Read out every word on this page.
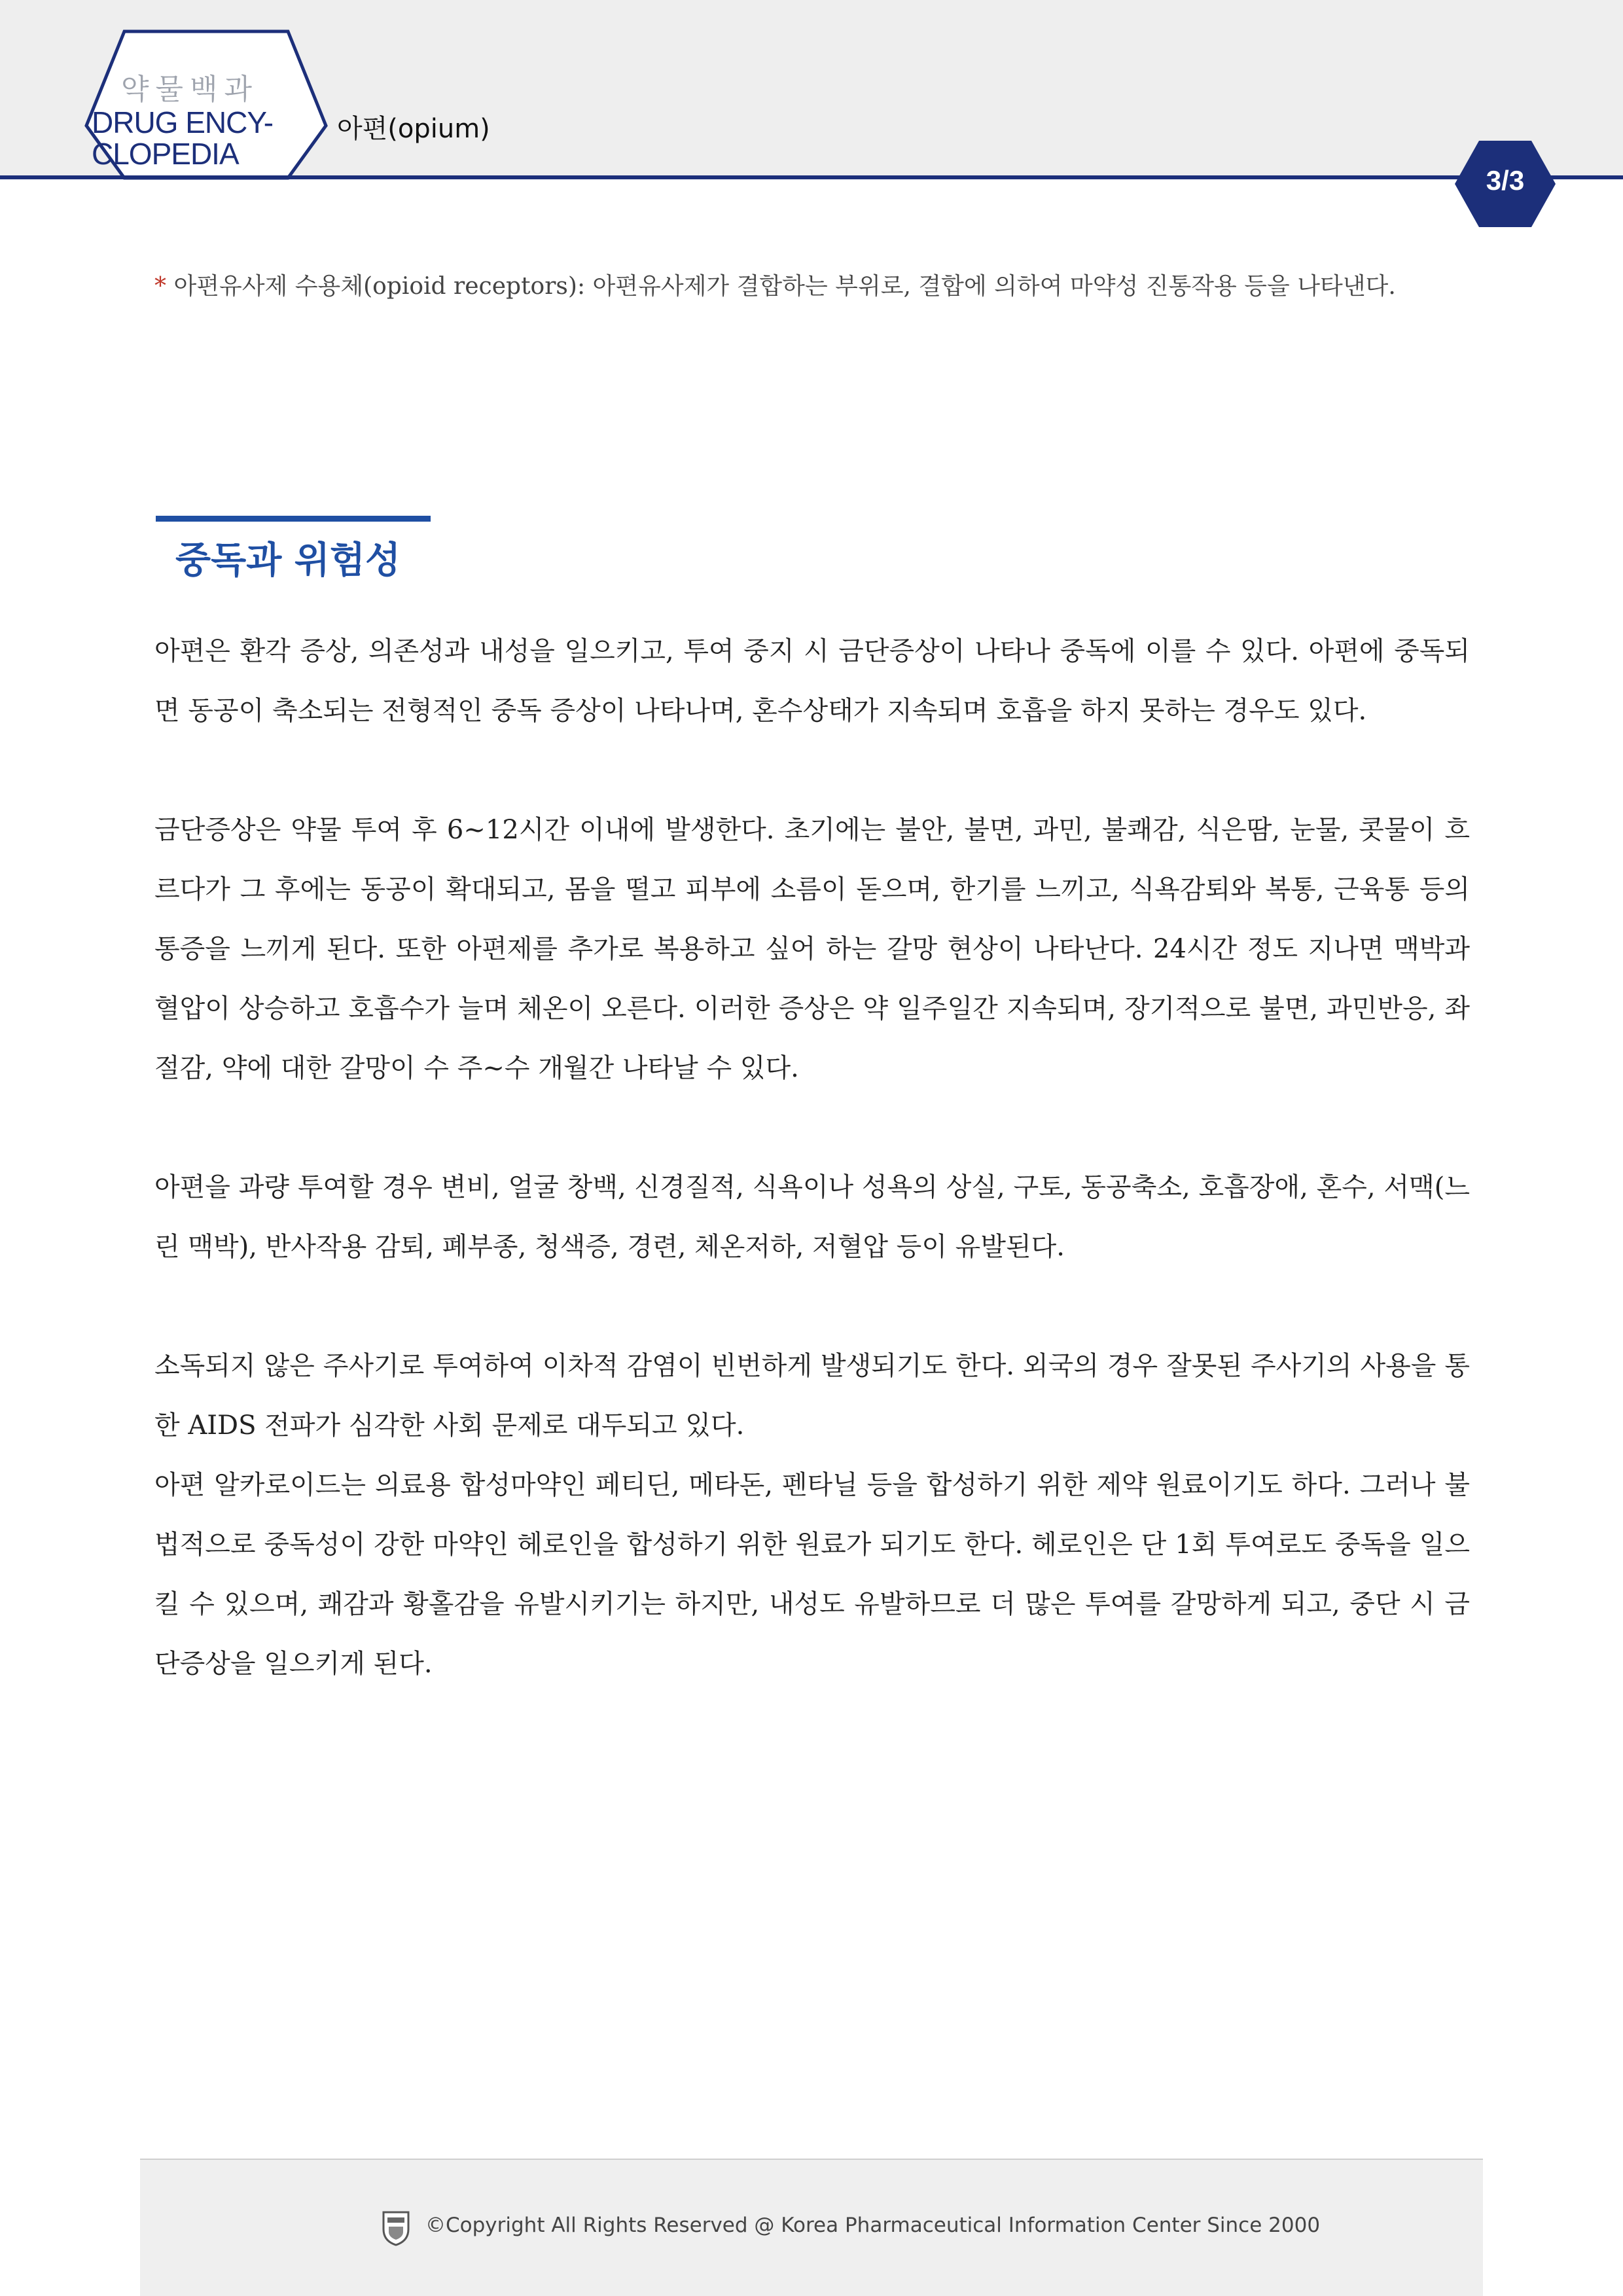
약물백과
DRUG ENCY-
CLOPEDIA
아편(opium)
3/3
* 아편유사제 수용체(opioid receptors): 아편유사제가 결합하는 부위로, 결합에 의하여 마약성 진통작용 등을 나타낸다.
중독과 위험성

아편은 환각 증상, 의존성과 내성을 일으키고, 투여 중지 시 금단증상이 나타나 중독에 이를 수 있다. 아편에 중독되면 동공이 축소되는 전형적인 중독 증상이 나타나며, 혼수상태가 지속되며 호흡을 하지 못하는 경우도 있다.

금단증상은 약물 투여 후 6~12시간 이내에 발생한다. 초기에는 불안, 불면, 과민, 불쾌감, 식은땀, 눈물, 콧물이 흐르다가 그 후에는 동공이 확대되고, 몸을 떨고 피부에 소름이 돋으며, 한기를 느끼고, 식욕감퇴와 복통, 근육통 등의 통증을 느끼게 된다. 또한 아편제를 추가로 복용하고 싶어 하는 갈망 현상이 나타난다. 24시간 정도 지나면 맥박과 혈압이 상승하고 호흡수가 늘며 체온이 오른다. 이러한 증상은 약 일주일간 지속되며, 장기적으로 불면, 과민반응, 좌절감, 약에 대한 갈망이 수 주~수 개월간 나타날 수 있다.

아편을 과량 투여할 경우 변비, 얼굴 창백, 신경질적, 식욕이나 성욕의 상실, 구토, 동공축소, 호흡장애, 혼수, 서맥(느린 맥박), 반사작용 감퇴, 폐부종, 청색증, 경련, 체온저하, 저혈압 등이 유발된다.

소독되지 않은 주사기로 투여하여 이차적 감염이 빈번하게 발생되기도 한다. 외국의 경우 잘못된 주사기의 사용을 통한 AIDS 전파가 심각한 사회 문제로 대두되고 있다.

아편 알카로이드는 의료용 합성마약인 페티딘, 메타돈, 펜타닐 등을 합성하기 위한 제약 원료이기도 하다. 그러나 불법적으로 중독성이 강한 마약인 헤로인을 합성하기 위한 원료가 되기도 한다. 헤로인은 단 1회 투여로도 중독을 일으킬 수 있으며, 쾌감과 황홀감을 유발시키기는 하지만, 내성도 유발하므로 더 많은 투여를 갈망하게 되고, 중단 시 금단증상을 일으키게 된다.

©Copyright All Rights Reserved @ Korea Pharmaceutical Information Center Since 2000
